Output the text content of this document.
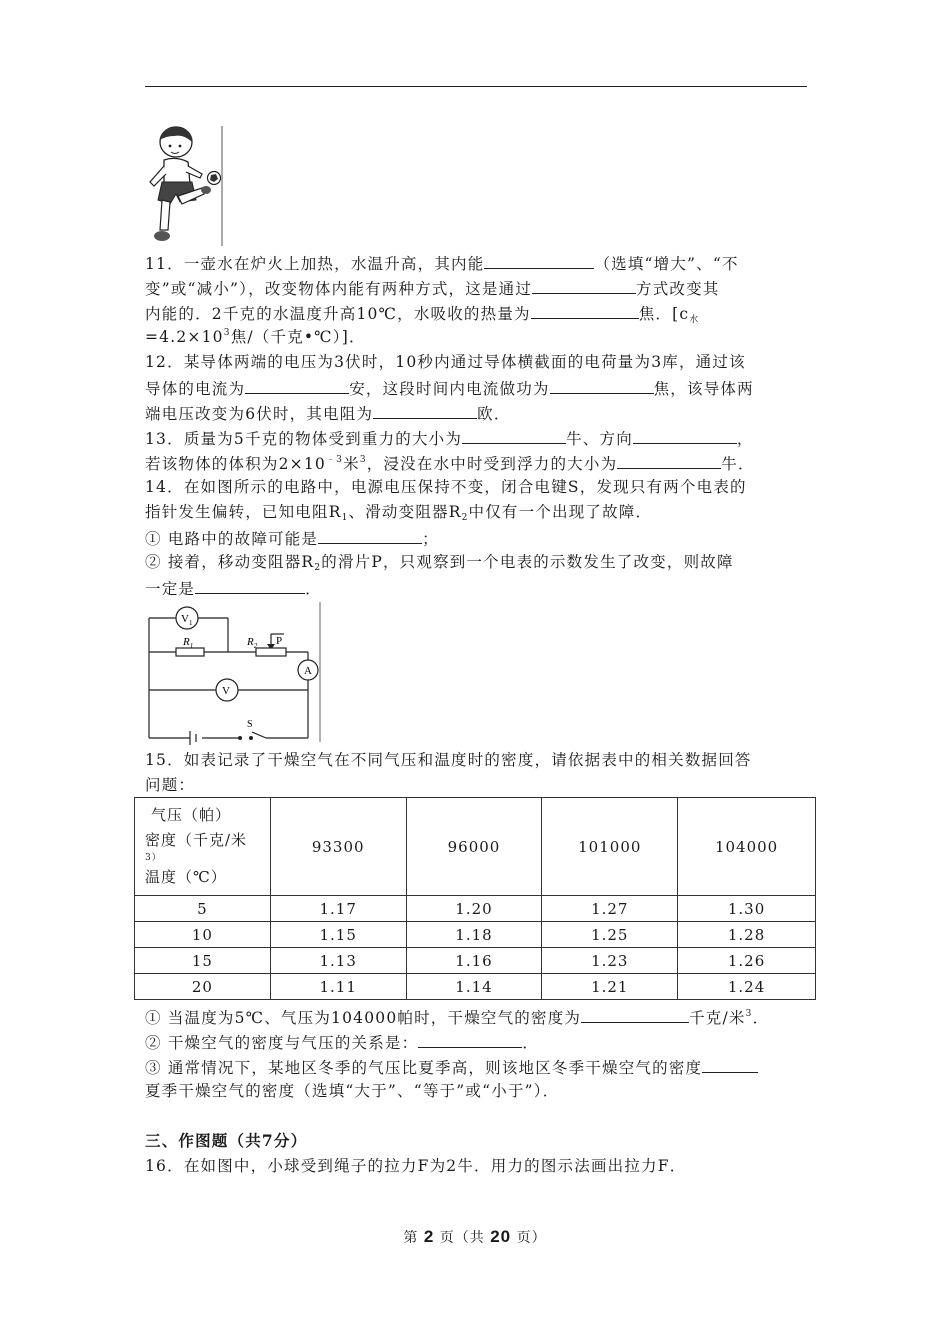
11．一壶水在炉火上加热，水温升高，其内能	（选填“增大”、“不
变”或“减小”），改变物体内能有两种方式，这是通过	方式改变其
内能的．2千克的水温度升高10℃，水吸收的热量为	焦．[$c_水$
$=4.2\times 10^3$焦/（千克•℃）]．
12．某导体两端的电压为3伏时，10秒内通过导体横截面的电荷量为3库，通过该
导体的电流为	安，这段时间内电流做功为	焦，该导体两
端电压改变为6伏时，其电阻为	欧．
13．质量为5千克的物体受到重力的大小为	牛、方向	，
若该物体的体积为$2\times 10^{﹣3}$米$^3$，浸没在水中时受到浮力的大小为	牛．
14．在如图所示的电路中，电源电压保持不变，闭合电键S，发现只有两个电表的
指针发生偏转，已知电阻$R_1$、滑动变阻器$R_2$中仅有一个出现了故障．
① 电路中的故障可能是	；
② 接着，移动变阻器$R_2$的滑片P，只观察到一个电表的示数发生了改变，则故障
一定是	．
$V_1$
A
V
$R_1$	$R_2$ P
S
15．如表记录了干燥空气在不同气压和温度时的密度，请依据表中的相关数据回答
问题：
气压（帕）
密度（千克/米
$^{3)}$
温度（℃）	93300	96000	101000	104000
5	1.17	1.20	1.27	1.30
10	1.15	1.18	1.25	1.28
15	1.13	1.16	1.23	1.26
20	1.11	1.14	1.21	1.24
① 当温度为5℃、气压为104000帕时，干燥空气的密度为	千克/米$^3$．
② 干燥空气的密度与气压的关系是：	．
③ 通常情况下，某地区冬季的气压比夏季高，则该地区冬季干燥空气的密度
夏季干燥空气的密度（选填“大于”、“等于”或“小于”）．
三、作图题（共7分）
16．在如图中，小球受到绳子的拉力F为2牛．用力的图示法画出拉力F．
第 2 页（共 20 页）
